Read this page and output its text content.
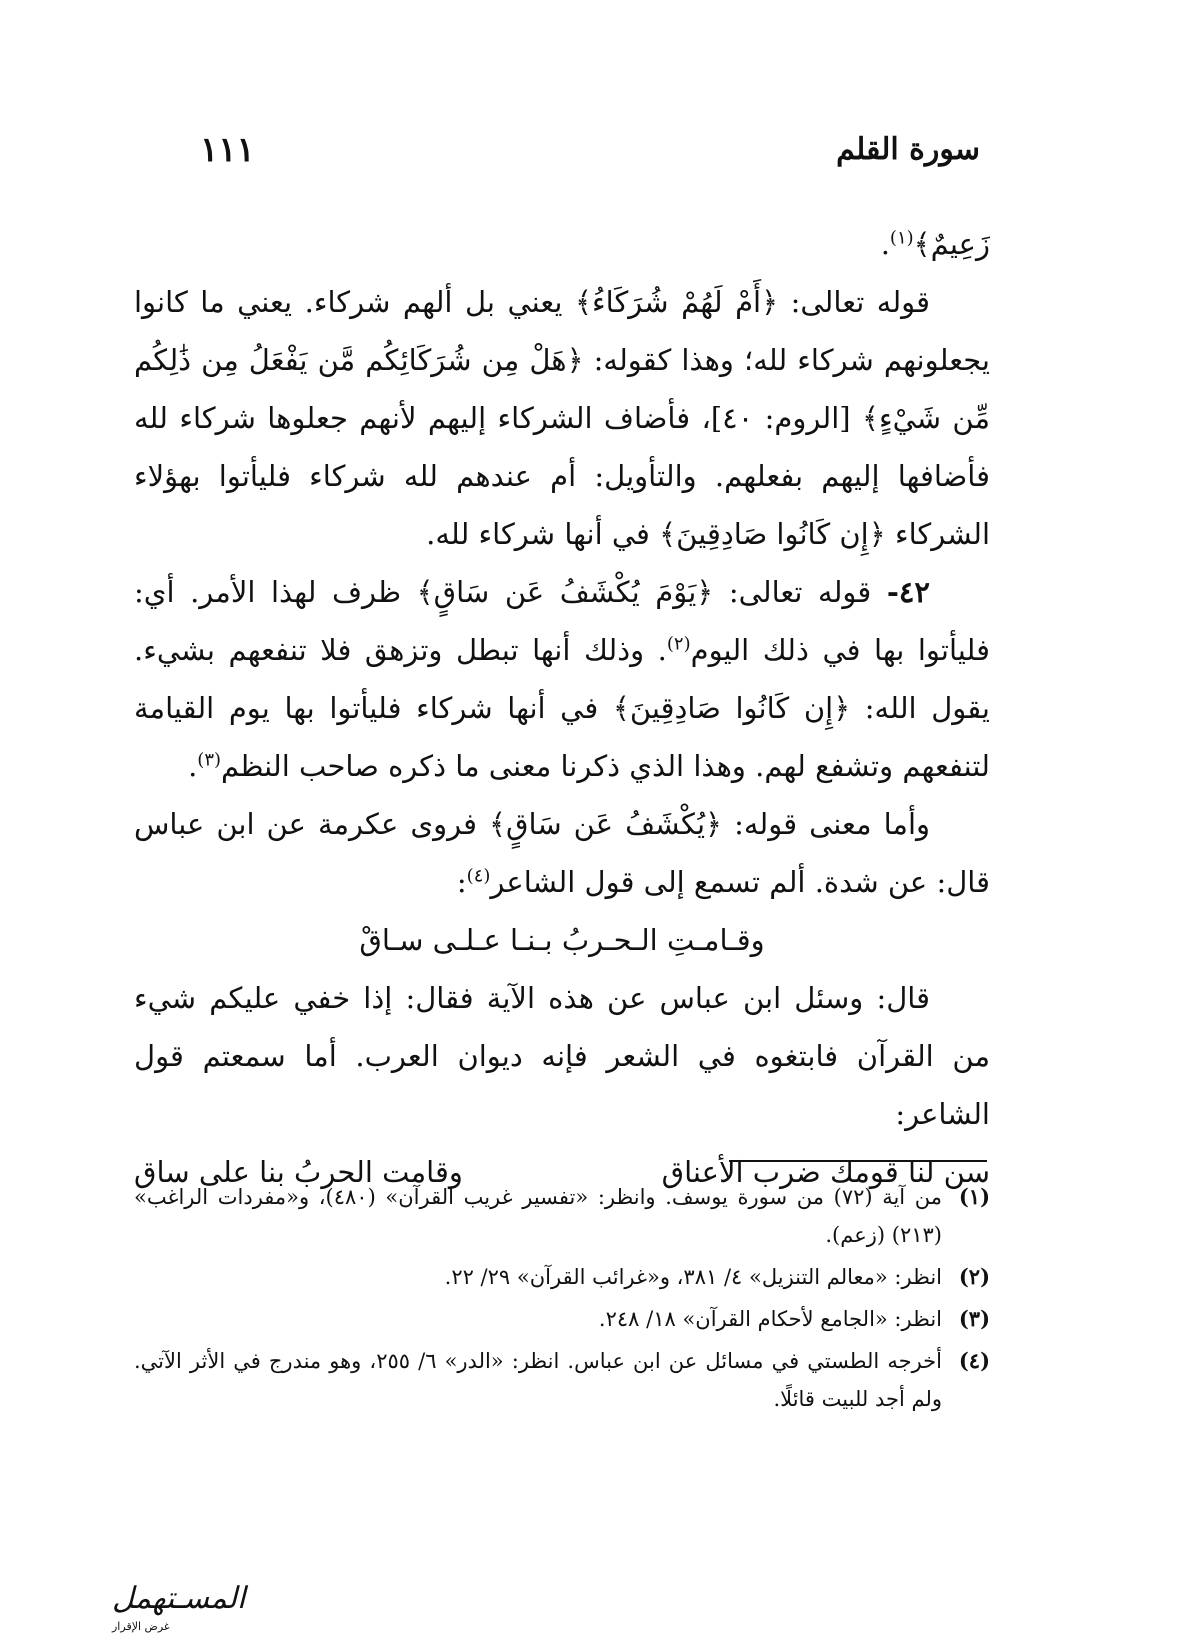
١١١	سورة القلم

زَعِيمٌ﴾$^{(١)}$.

قوله تعالى: ﴿أَمْ لَهُمْ شُرَكَاءُ﴾ يعني بل ألهم شركاء. يعني ما كانوا يجعلونهم شركاء لله؛ وهذا كقوله: ﴿هَلْ مِن شُرَكَائِكُم مَّن يَفْعَلُ مِن ذَٰلِكُم مِّن شَيْءٍ﴾ [الروم: ٤٠]، فأضاف الشركاء إليهم لأنهم جعلوها شركاء لله فأضافها إليهم بفعلهم. والتأويل: أم عندهم لله شركاء فليأتوا بهؤلاء الشركاء ﴿إِن كَانُوا صَادِقِينَ﴾ في أنها شركاء لله.

٤٢- قوله تعالى: ﴿يَوْمَ يُكْشَفُ عَن سَاقٍ﴾ ظرف لهذا الأمر. أي: فليأتوا بها في ذلك اليوم$^{(٢)}$. وذلك أنها تبطل وتزهق فلا تنفعهم بشيء. يقول الله: ﴿إِن كَانُوا صَادِقِينَ﴾ في أنها شركاء فليأتوا بها يوم القيامة لتنفعهم وتشفع لهم. وهذا الذي ذكرنا معنى ما ذكره صاحب النظم$^{(٣)}$.

وأما معنى قوله: ﴿يُكْشَفُ عَن سَاقٍ﴾ فروى عكرمة عن ابن عباس قال: عن شدة. ألم تسمع إلى قول الشاعر$^{(٤)}$:

وقـامـتِ الـحـربُ بـنـا عـلـى سـاقْ

قال: وسئل ابن عباس عن هذه الآية فقال: إذا خفي عليكم شيء من القرآن فابتغوه في الشعر فإنه ديوان العرب. أما سمعتم قول الشاعر:

سن لنا قومك ضرب الأعناق
وقامت الحربُ بنا على ساق
(١)
من آية (٧٢) من سورة يوسف. وانظر: «تفسير غريب القرآن» (٤٨٠)، و«مفردات الراغب» (٢١٣) (زعم).
(٢)
انظر: «معالم التنزيل» ٤/ ٣٨١، و«غرائب القرآن» ٢٩/ ٢٢.
(٣)
انظر: «الجامع لأحكام القرآن» ١٨/ ٢٤٨.
(٤)
أخرجه الطستي في مسائل عن ابن عباس. انظر: «الدر» ٦/ ٢٥٥، وهو مندرج في الأثر الآتي. ولم أجد للبيت قائلًا.
المسـتهمل
غرض الإقرار
